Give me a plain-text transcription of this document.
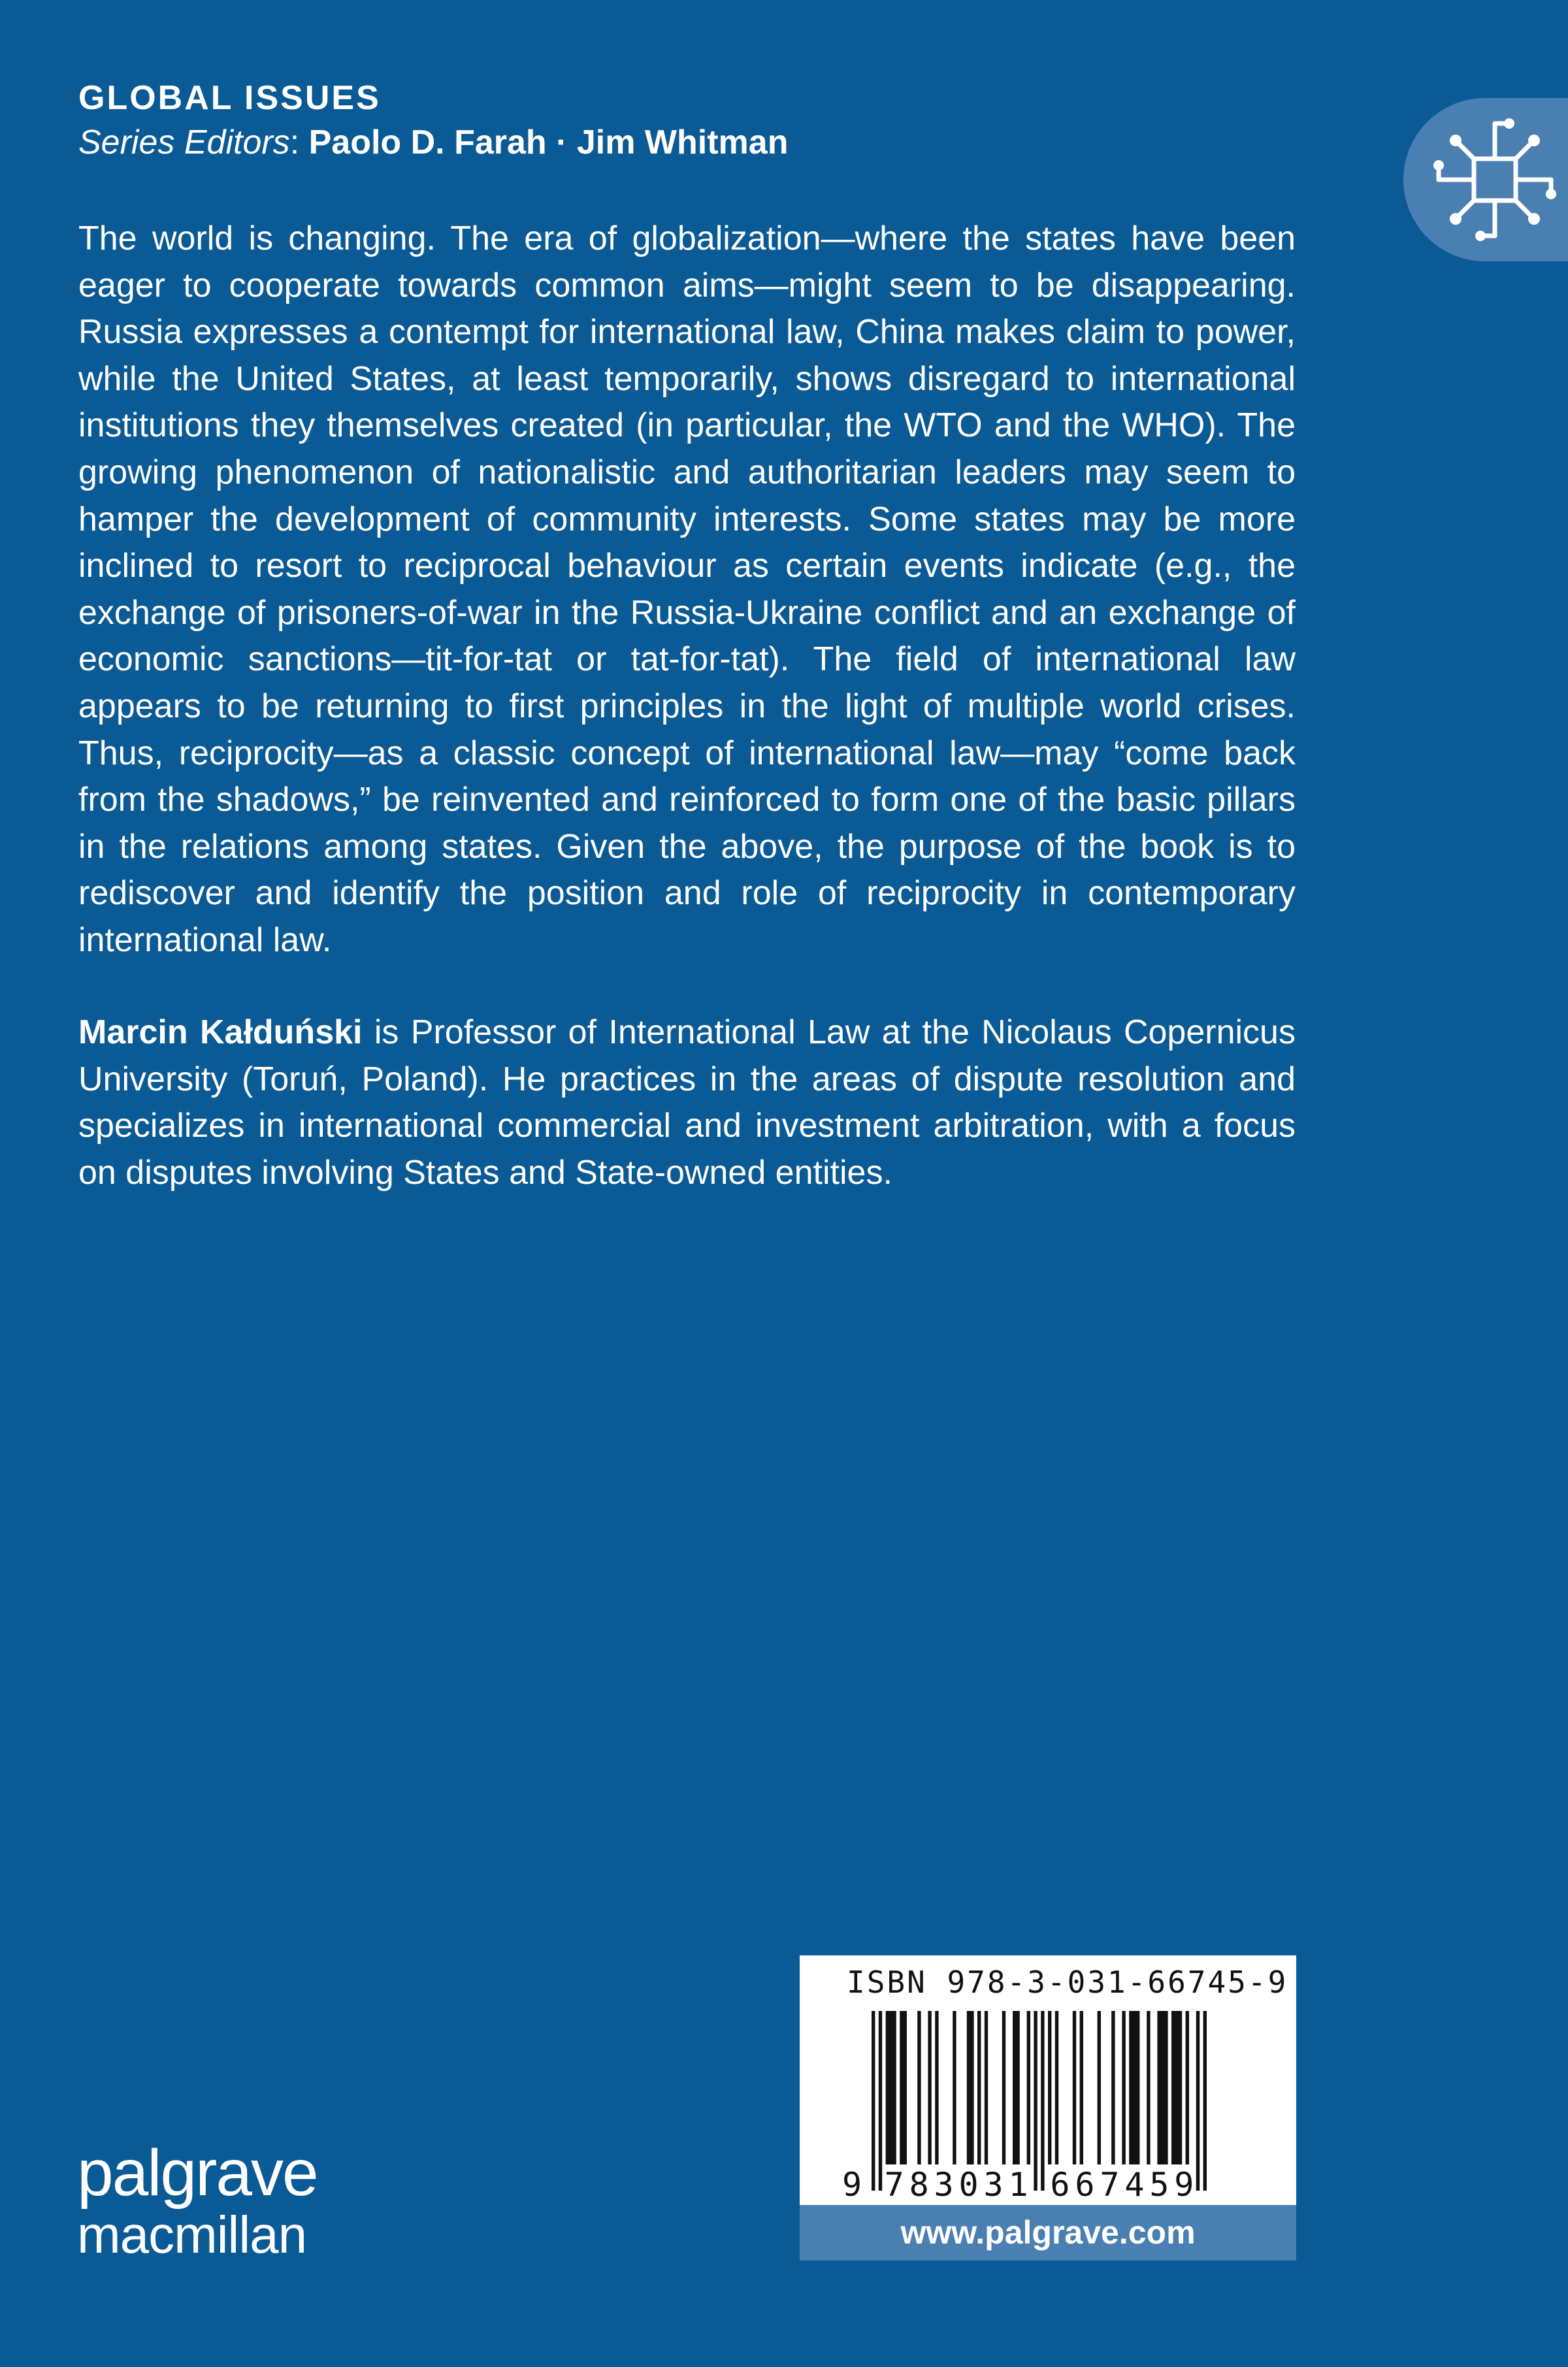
GLOBAL ISSUES
Series Editors: Paolo D. Farah · Jim Whitman

The world is changing. The era of globalization—where the states have been eager to cooperate towards common aims—might seem to be disappearing. Russia expresses a contempt for international law, China makes claim to power, while the United States, at least temporarily, shows disregard to international institutions they themselves created (in particular, the WTO and the WHO). The growing phenomenon of nationalistic and authoritarian leaders may seem to hamper the development of community interests. Some states may be more inclined to resort to reciprocal behaviour as certain events indicate (e.g., the exchange of prisoners-of-war in the Russia-Ukraine conflict and an exchange of economic sanctions—tit-for-tat or tat-for-tat). The field of international law appears to be returning to first principles in the light of multiple world crises. Thus, reciprocity—as a classic concept of international law—may “come back from the shadows,” be reinvented and reinforced to form one of the basic pillars in the relations among states. Given the above, the purpose of the book is to rediscover and identify the position and role of reciprocity in contemporary international law.

Marcin Kałduński is Professor of International Law at the Nicolaus Copernicus University (Toruń, Poland). He practices in the areas of dispute resolution and specializes in international commercial and investment arbitration, with a focus on disputes involving States and State-owned entities.

ISBN 978-3-031-66745-9
9 783031 667459
www.palgrave.com
palgrave
macmillan
